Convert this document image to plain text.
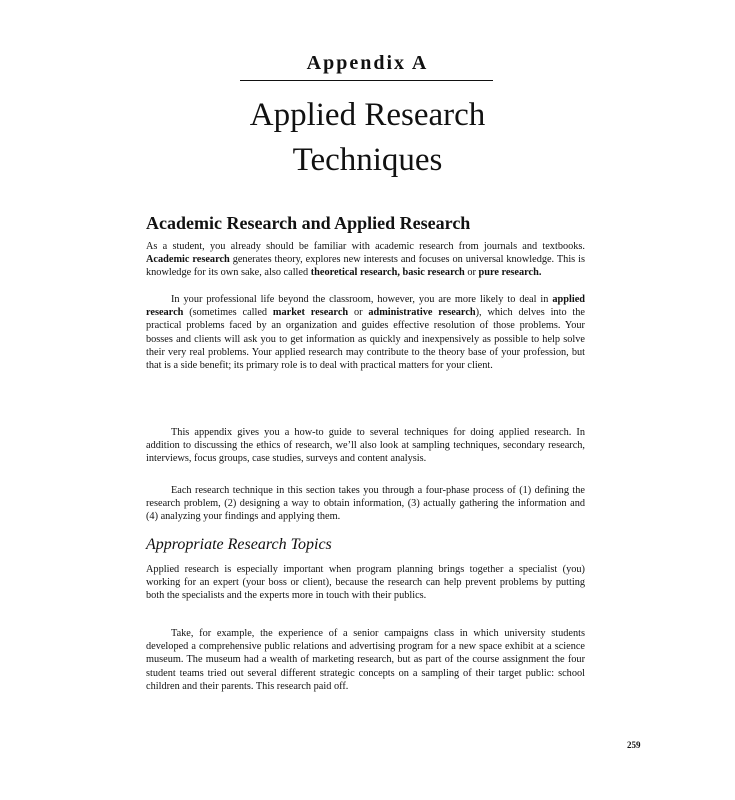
Appendix A
Applied Research
Techniques
Academic Research and Applied Research

As a student, you already should be familiar with academic research from journals and textbooks. Academic research generates theory, explores new interests and focuses on universal knowledge. This is knowledge for its own sake, also called theoretical research, basic research or pure research.

In your professional life beyond the classroom, however, you are more likely to deal in applied research (sometimes called market research or administrative research), which delves into the practical problems faced by an organization and guides effective resolution of those problems. Your bosses and clients will ask you to get information as quickly and inexpensively as possible to help solve their very real problems. Your applied research may contribute to the theory base of your profession, but that is a side benefit; its primary role is to deal with practical matters for your client.

This appendix gives you a how-to guide to several techniques for doing applied research. In addition to discussing the ethics of research, we’ll also look at sampling techniques, secondary research, interviews, focus groups, case studies, surveys and content analysis.

Each research technique in this section takes you through a four-phase process of (1) defining the research problem, (2) designing a way to obtain information, (3) actually gathering the information and (4) analyzing your findings and applying them.

Appropriate Research Topics

Applied research is especially important when program planning brings together a specialist (you) working for an expert (your boss or client), because the research can help prevent problems by putting both the specialists and the experts more in touch with their publics.

Take, for example, the experience of a senior campaigns class in which university students developed a comprehensive public relations and advertising program for a new space exhibit at a science museum. The museum had a wealth of marketing research, but as part of the course assignment the four student teams tried out several different strategic concepts on a sampling of their target public: school children and their parents. This research paid off.

259
